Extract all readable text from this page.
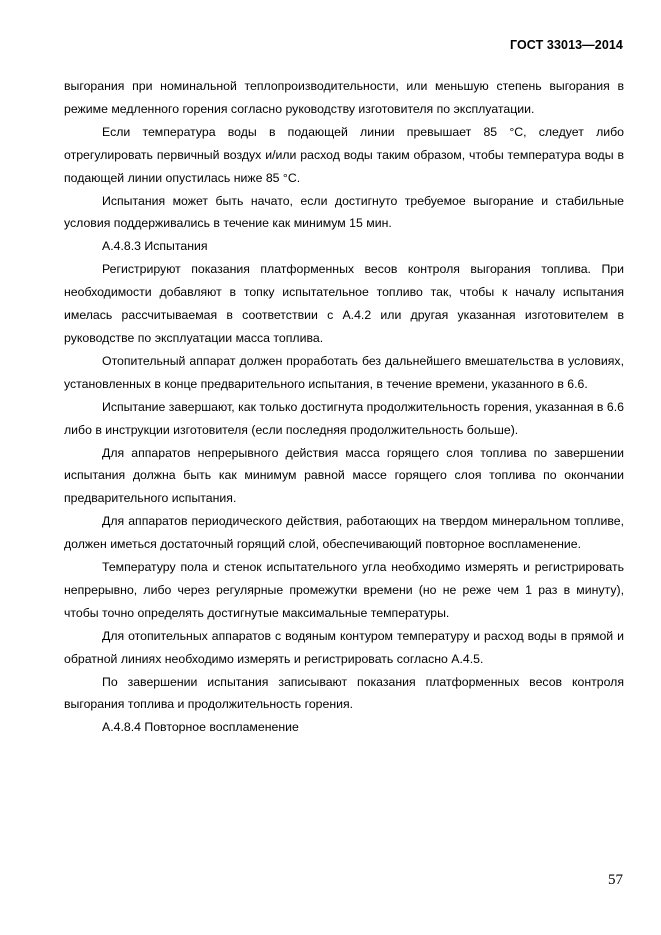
ГОСТ 33013—2014

выгорания при номинальной теплопроизводительности, или меньшую степень выгорания в режиме медленного горения согласно руководству изготовителя по эксплуатации.

Если температура воды в подающей линии превышает 85 °С, следует либо отрегулировать первичный воздух и/или расход воды таким образом, чтобы температура воды в подающей линии опустилась ниже 85 °С.

Испытания может быть начато, если достигнуто требуемое выгорание и стабильные условия поддерживались в течение как минимум 15 мин.

А.4.8.3 Испытания

Регистрируют показания платформенных весов контроля выгорания топлива. При необходимости добавляют в топку испытательное топливо так, чтобы к началу испытания имелась рассчитываемая в соответствии с А.4.2 или другая указанная изготовителем в руководстве по эксплуатации масса топлива.

Отопительный аппарат должен проработать без дальнейшего вмешательства в условиях, установленных в конце предварительного испытания, в течение времени, указанного в 6.6.

Испытание завершают, как только достигнута продолжительность горения, указанная в 6.6 либо в инструкции изготовителя (если последняя продолжительность больше).

Для аппаратов непрерывного действия масса горящего слоя топлива по завершении испытания должна быть как минимум равной массе горящего слоя топлива по окончании предварительного испытания.

Для аппаратов периодического действия, работающих на твердом минеральном топливе, должен иметься достаточный горящий слой, обеспечивающий повторное воспламенение.

Температуру пола и стенок испытательного угла необходимо измерять и регистрировать непрерывно, либо через регулярные промежутки времени (но не реже чем 1 раз в минуту), чтобы точно определять достигнутые максимальные температуры.

Для отопительных аппаратов с водяным контуром температуру и расход воды в прямой и обратной линиях необходимо измерять и регистрировать согласно А.4.5.

По завершении испытания записывают показания платформенных весов контроля выгорания топлива и продолжительность горения.

А.4.8.4 Повторное воспламенение

57
